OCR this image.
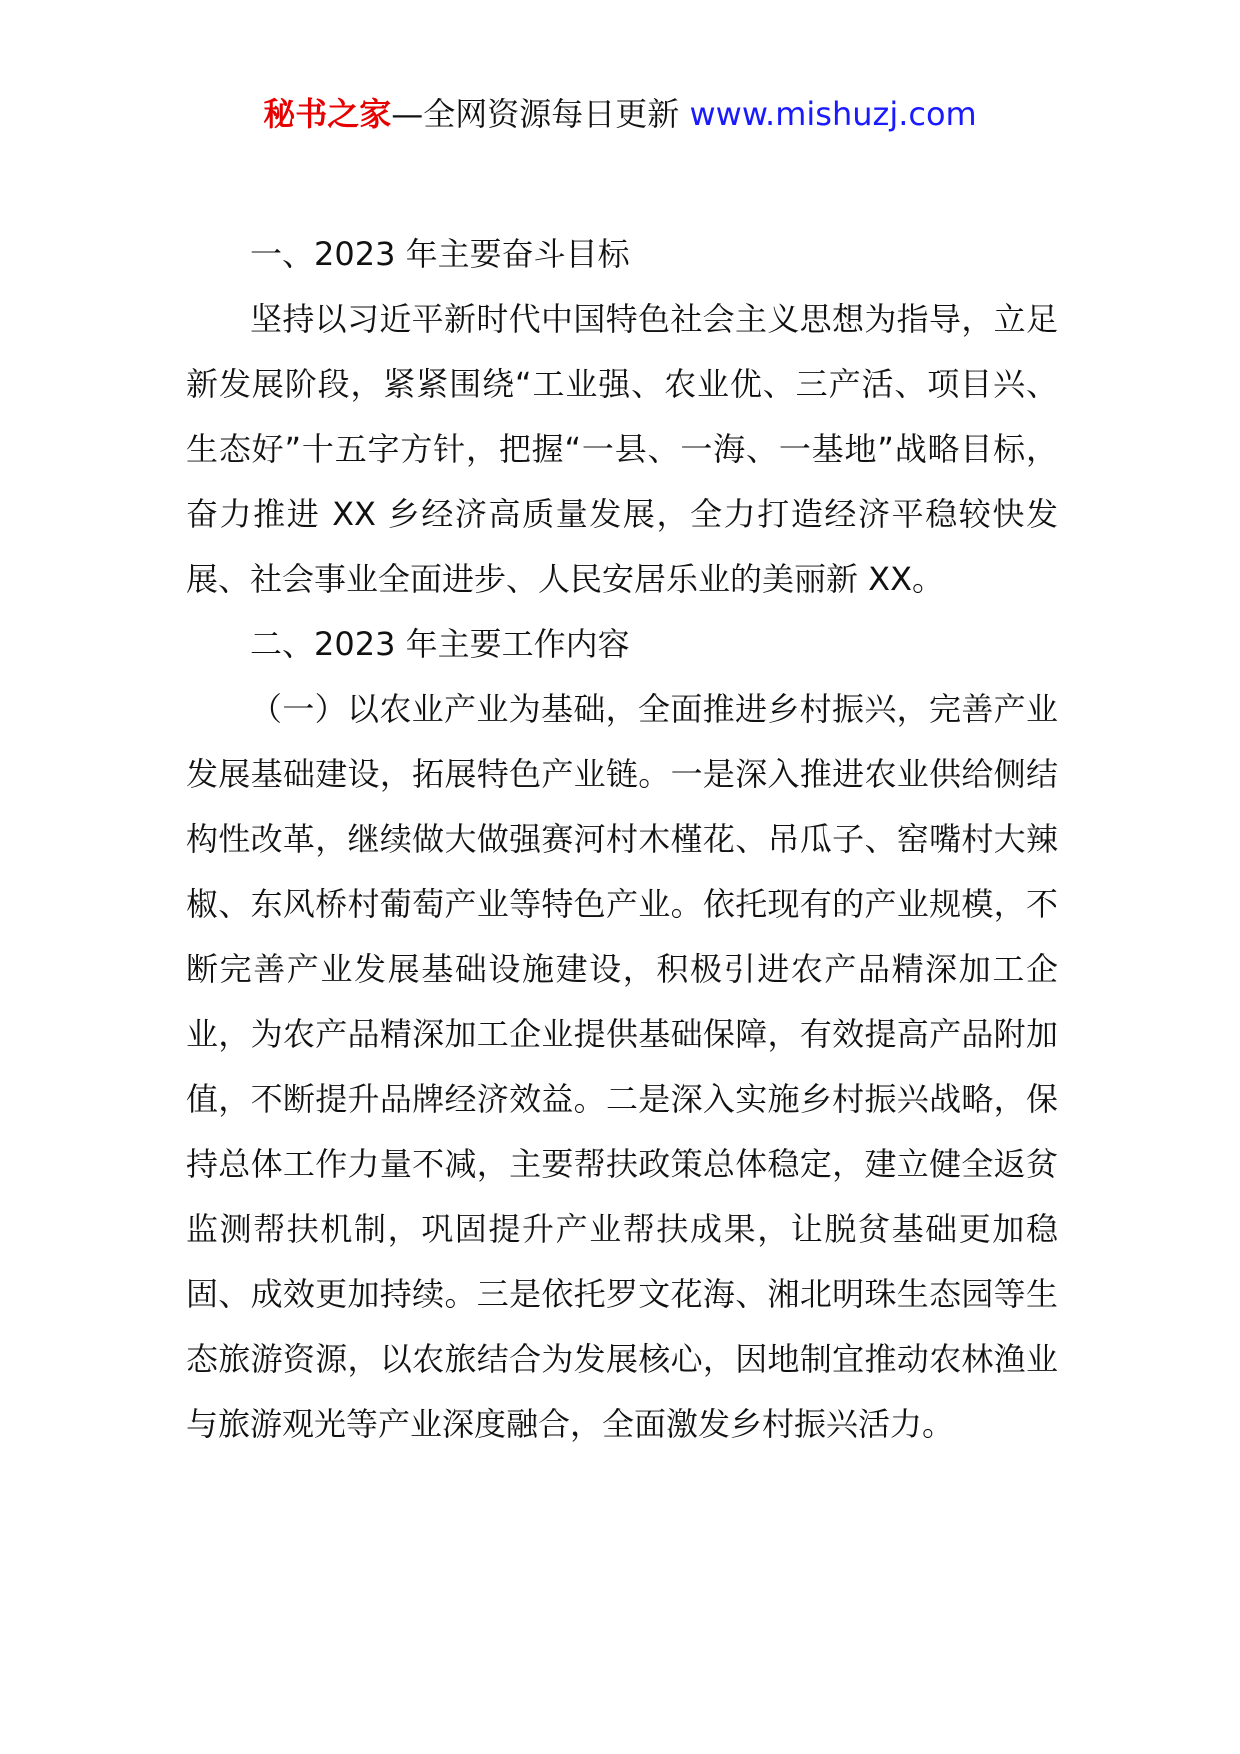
秘书之家—全网资源每日更新 www.mishuzj.com

一、2023 年主要奋斗目标

坚持以习近平新时代中国特色社会主义思想为指导，立足新发展阶段，紧紧围绕“工业强、农业优、三产活、项目兴、生态好”十五字方针，把握“一县、一海、一基地”战略目标，奋力推进 XX 乡经济高质量发展，全力打造经济平稳较快发展、社会事业全面进步、人民安居乐业的美丽新 XX。

二、2023 年主要工作内容

（一）以农业产业为基础，全面推进乡村振兴，完善产业发展基础建设，拓展特色产业链。一是深入推进农业供给侧结构性改革，继续做大做强赛河村木槿花、吊瓜子、窑嘴村大辣椒、东风桥村葡萄产业等特色产业。依托现有的产业规模，不断完善产业发展基础设施建设，积极引进农产品精深加工企业，为农产品精深加工企业提供基础保障，有效提高产品附加值，不断提升品牌经济效益。二是深入实施乡村振兴战略，保持总体工作力量不减，主要帮扶政策总体稳定，建立健全返贫监测帮扶机制，巩固提升产业帮扶成果，让脱贫基础更加稳固、成效更加持续。三是依托罗文花海、湘北明珠生态园等生态旅游资源，以农旅结合为发展核心，因地制宜推动农林渔业与旅游观光等产业深度融合，全面激发乡村振兴活力。
